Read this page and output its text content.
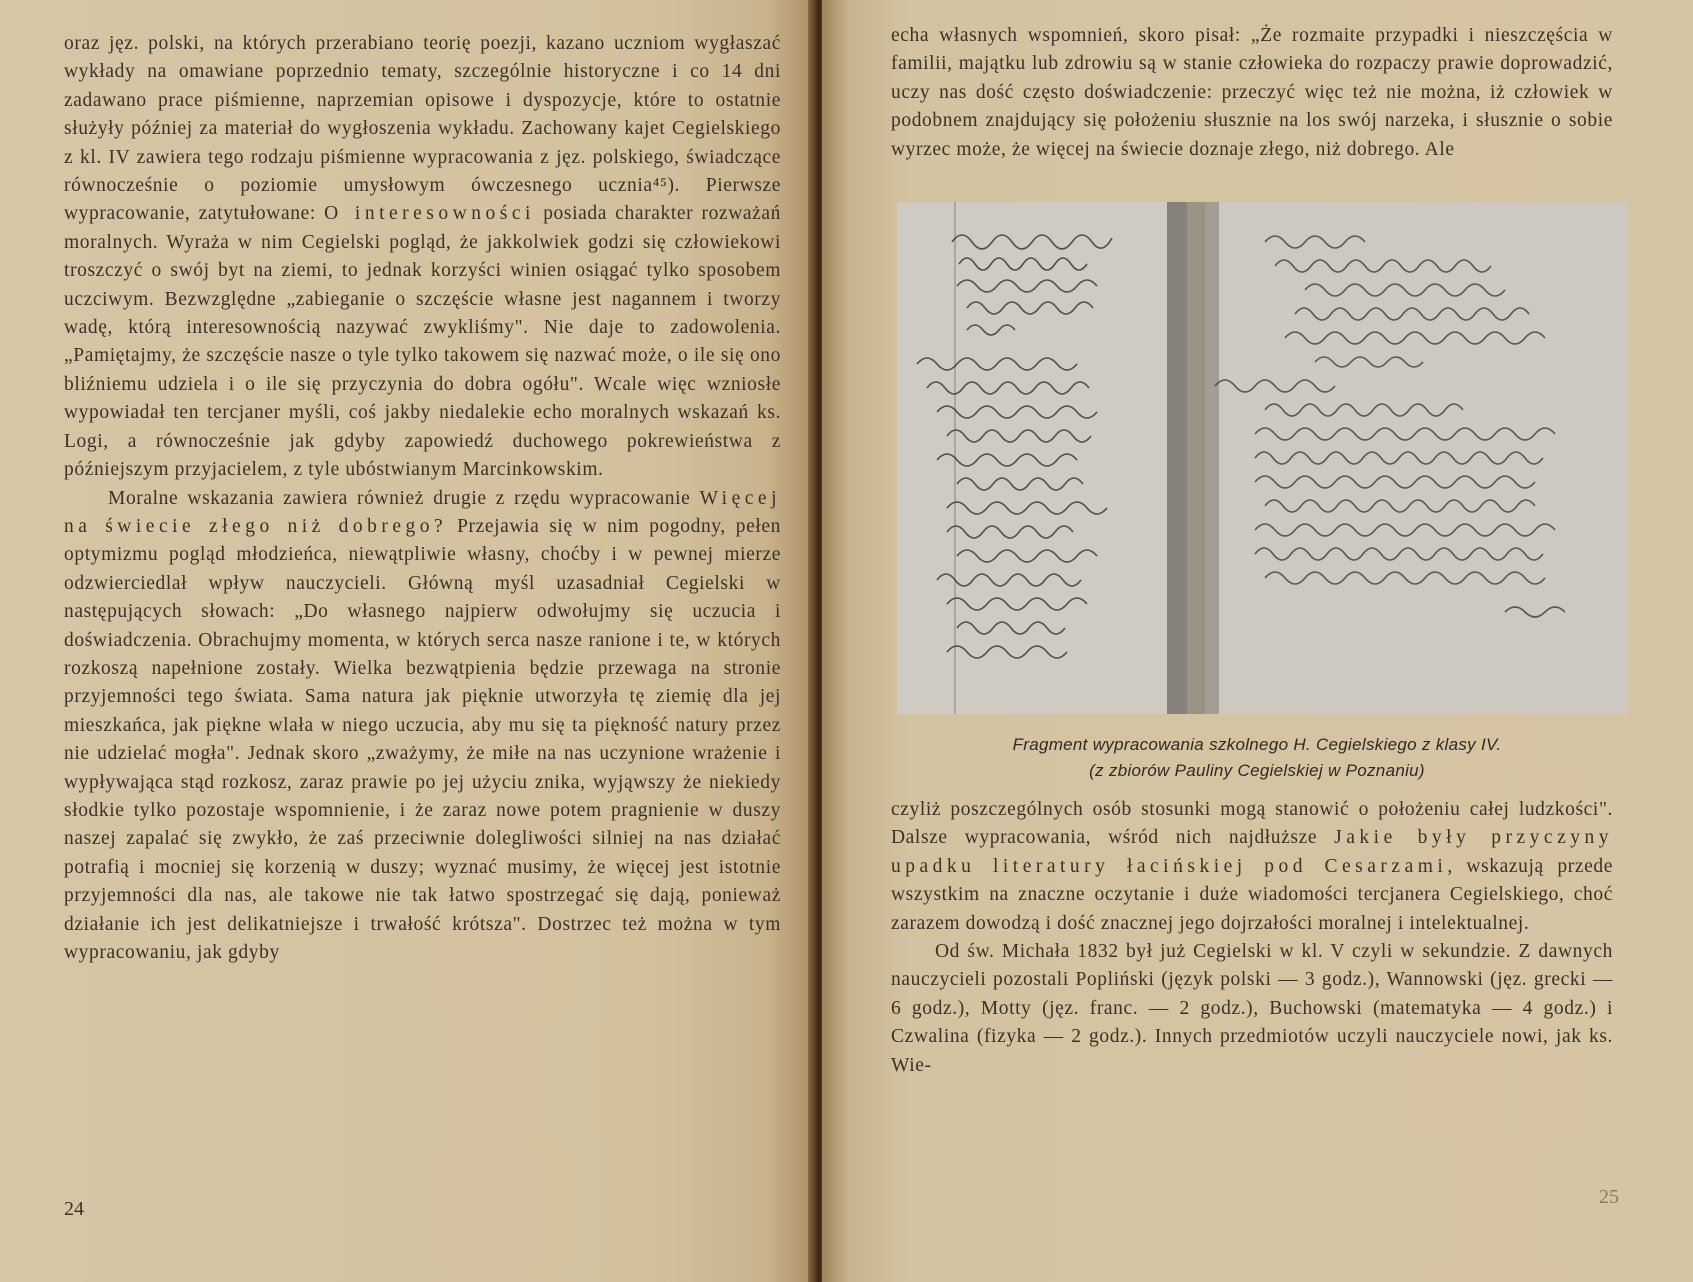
oraz jęz. polski, na których przerabiano teorię poezji, kazano uczniom wygłaszać wykłady na omawiane poprzednio tematy, szczególnie historyczne i co 14 dni zadawano prace piśmienne, naprzemian opisowe i dyspozycje, które to ostatnie służyły później za materiał do wygłoszenia wykładu. Zachowany kajet Cegielskiego z kl. IV zawiera tego rodzaju piśmienne wypracowania z jęz. polskiego, świadczące równocześnie o poziomie umysłowym ówczesnego ucznia⁴⁵). Pierwsze wypracowanie, zatytułowane: O interesowności posiada charakter rozważań moralnych. Wyraża w nim Cegielski pogląd, że jakkolwiek godzi się człowiekowi troszczyć o swój byt na ziemi, to jednak korzyści winien osiągać tylko sposobem uczciwym. Bezwzględne „zabieganie o szczęście własne jest nagannem i tworzy wadę, którą interesownością nazywać zwykliśmy". Nie daje to zadowolenia. „Pamiętajmy, że szczęście nasze o tyle tylko takowem się nazwać może, o ile się ono bliźniemu udziela i o ile się przyczynia do dobra ogółu". Wcale więc wzniosłe wypowiadał ten tercjaner myśli, coś jakby niedalekie echo moralnych wskazań ks. Logi, a równocześnie jak gdyby zapowiedź duchowego pokrewieństwa z późniejszym przyjacielem, z tyle ubóstwianym Marcinkowskim.

Moralne wskazania zawiera również drugie z rzędu wypracowanie Więcej na świecie złego niż dobrego? Przejawia się w nim pogodny, pełen optymizmu pogląd młodzieńca, niewątpliwie własny, choćby i w pewnej mierze odzwierciedlał wpływ nauczycieli. Główną myśl uzasadniał Cegielski w następujących słowach: „Do własnego najpierw odwołujmy się uczucia i doświadczenia. Obrachujmy momenta, w których serca nasze ranione i te, w których rozkoszą napełnione zostały. Wielka bezwątpienia będzie przewaga na stronie przyjemności tego świata. Sama natura jak pięknie utworzyła tę ziemię dla jej mieszkańca, jak piękne wlała w niego uczucia, aby mu się ta piękność natury przez nie udzielać mogła". Jednak skoro „zważymy, że miłe na nas uczynione wrażenie i wypływająca stąd rozkosz, zaraz prawie po jej użyciu znika, wyjąwszy że niekiedy słodkie tylko pozostaje wspomnienie, i że zaraz nowe potem pragnienie w duszy naszej zapalać się zwykło, że zaś przeciwnie dolegliwości silniej na nas działać potrafią i mocniej się korzenią w duszy; wyznać musimy, że więcej jest istotnie przyjemności dla nas, ale takowe nie tak łatwo spostrzegać się dają, ponieważ działanie ich jest delikatniejsze i trwałość krótsza". Dostrzec też można w tym wypracowaniu, jak gdyby

24

echa własnych wspomnień, skoro pisał: „Że rozmaite przypadki i nieszczęścia w familii, majątku lub zdrowiu są w stanie człowieka do rozpaczy prawie doprowadzić, uczy nas dość często doświadczenie: przeczyć więc też nie można, iż człowiek w podobnem znajdujący się położeniu słusznie na los swój narzeka, i słusznie o sobie wyrzec może, że więcej na świecie doznaje złego, niż dobrego. Ale

Fragment wypracowania szkolnego H. Cegielskiego z klasy IV.
(z zbiorów Pauliny Cegielskiej w Poznaniu)

czyliż poszczególnych osób stosunki mogą stanowić o położeniu całej ludzkości". Dalsze wypracowania, wśród nich najdłuższe Jakie były przyczyny upadku literatury łacińskiej pod Cesarzami, wskazują przede wszystkim na znaczne oczytanie i duże wiadomości tercjanera Cegielskiego, choć zarazem dowodzą i dość znacznej jego dojrzałości moralnej i intelektualnej.

Od św. Michała 1832 był już Cegielski w kl. V czyli w sekundzie. Z dawnych nauczycieli pozostali Popliński (język polski — 3 godz.), Wannowski (jęz. grecki — 6 godz.), Motty (jęz. franc. — 2 godz.), Buchowski (matematyka — 4 godz.) i Czwalina (fizyka — 2 godz.). Innych przedmiotów uczyli nauczyciele nowi, jak ks. Wie-

25
